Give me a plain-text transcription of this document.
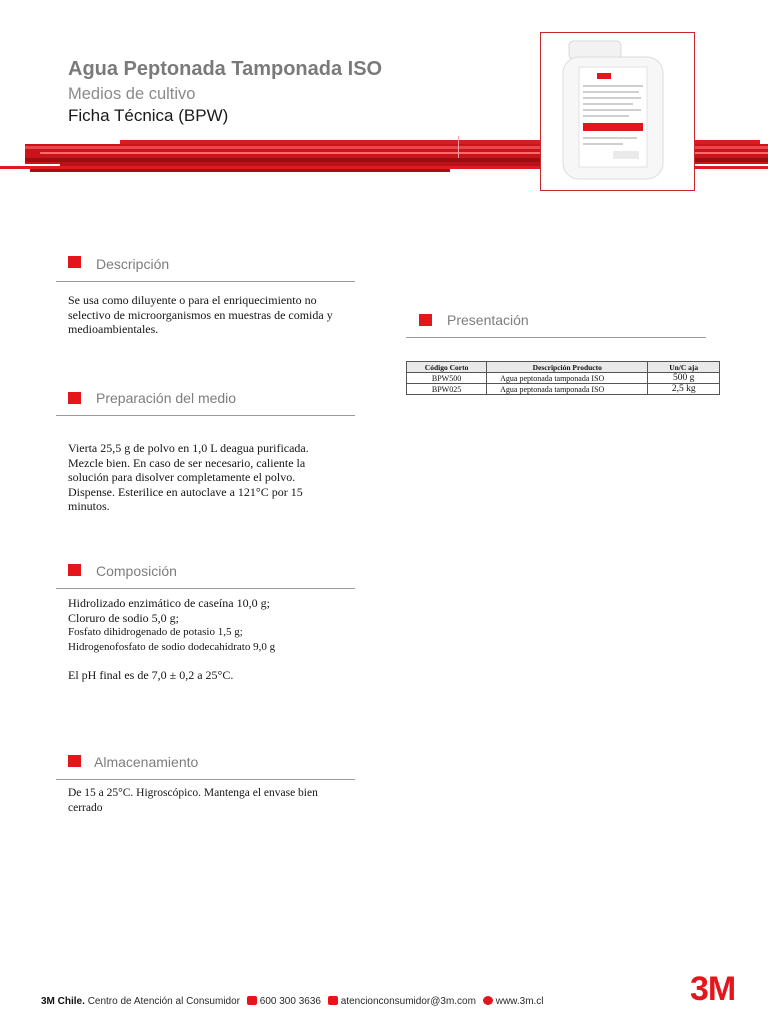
Agua Peptonada Tamponada ISO
Medios de cultivo
Ficha Técnica (BPW)
Descripción
Se usa como diluyente o para el enriquecimiento no
selectivo de microorganismos en muestras de comida y
medioambientales.
Preparación del medio
Vierta 25,5 g de polvo en 1,0 L deagua purificada.
Mezcle bien. En caso de ser necesario, caliente la
solución para disolver completamente el polvo.
Dispense. Esterilice en autoclave a 121°C por 15
minutos.
Composición
Hidrolizado enzimático de caseína 10,0 g;
Cloruro de sodio 5,0 g;
Fosfato dihidrogenado de potasio 1,5 g;
Hidrogenofosfato de sodio dodecahidrato 9,0 g
El pH final es de 7,0 ± 0,2 a 25°C.
Almacenamiento
De 15 a 25°C. Higroscópico. Mantenga el envase bien
cerrado
Presentación
Código Corto	Descripción Producto	Un/C aja
BPW500	Agua peptonada tamponada ISO	500 g
BPW025	Agua peptonada tamponada ISO	2,5 kg
3M Chile. Centro de Atención al Consumidor 600 300 3636 atencionconsumidor@3m.com www.3m.cl	3M
